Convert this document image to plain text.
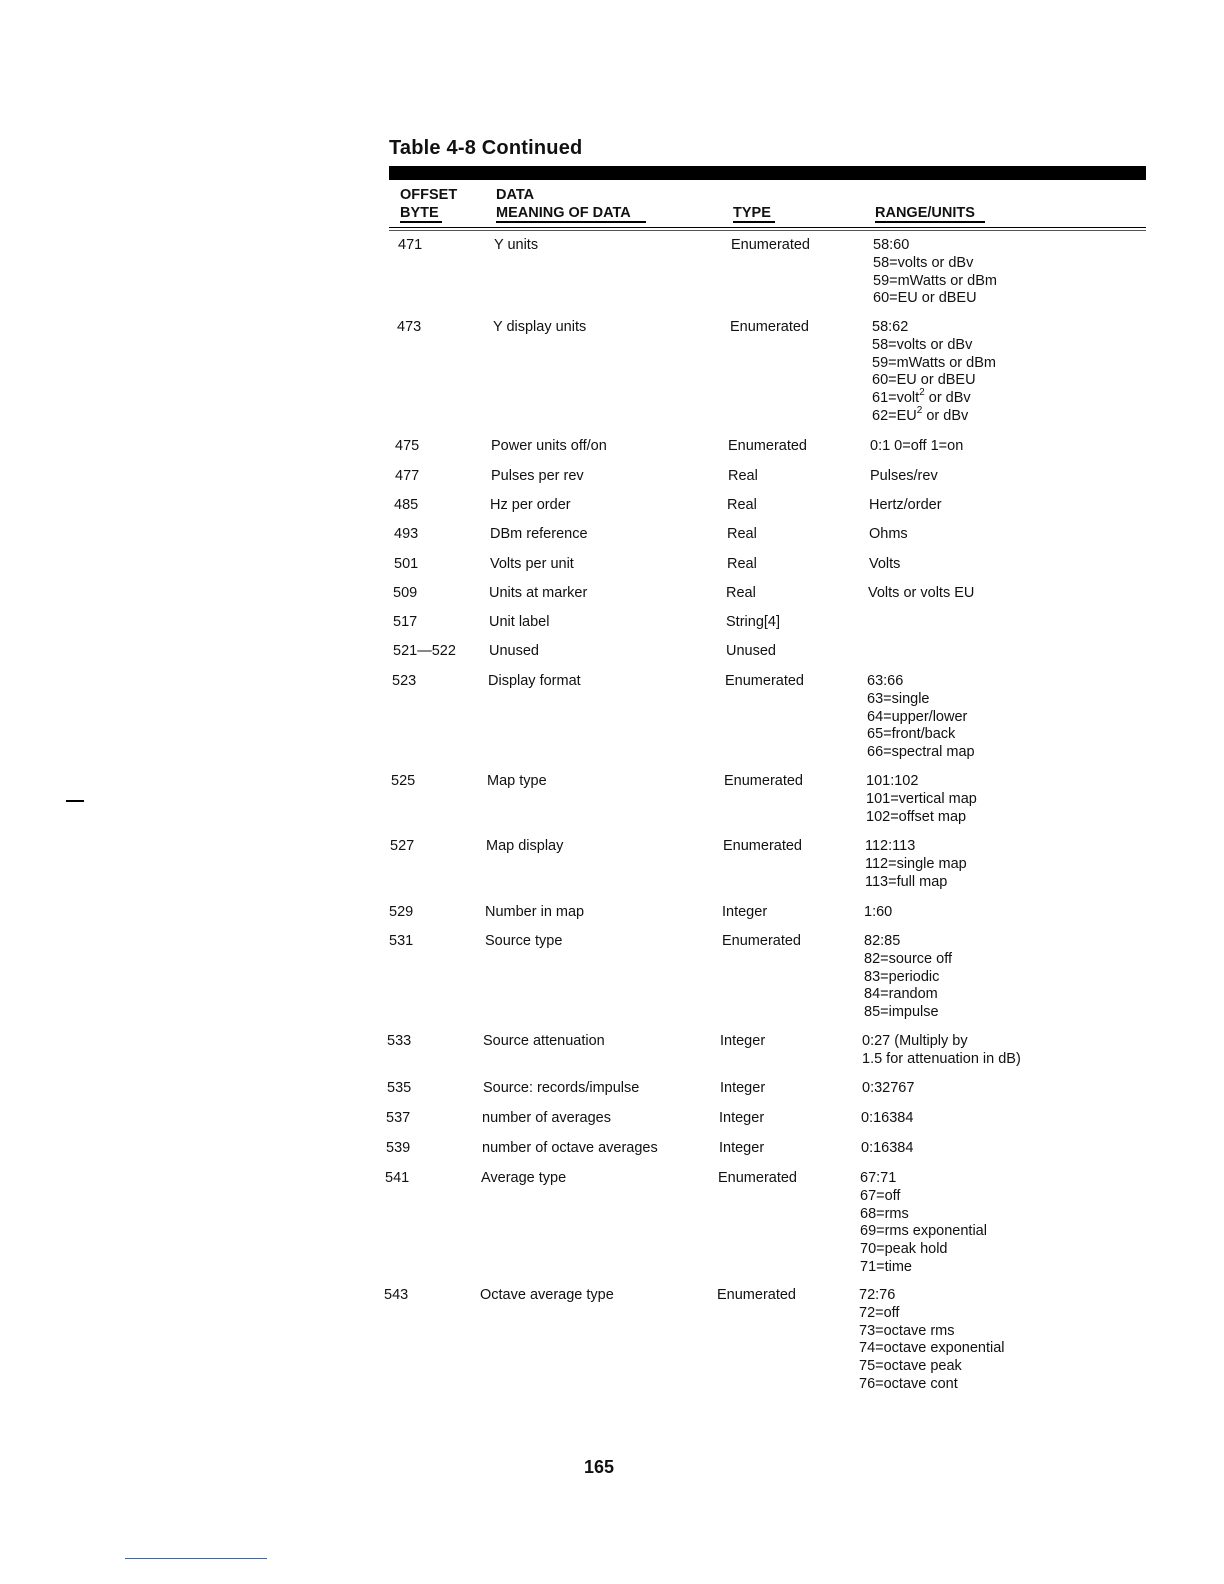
Table 4-8 Continued
OFFSET
BYTE
DATA
MEANING OF DATA	TYPE	RANGE/UNITS
471	Y units	Enumerated	58:60
58=volts or dBv
59=mWatts or dBm
60=EU or dBEU
473	Y display units	Enumerated	58:62
58=volts or dBv
59=mWatts or dBm
60=EU or dBEU
61=volt$^2$ or dBv
$62=EU^2$ or dBv
475	Power units off/on	Enumerated	0:1 0=off 1=on
477	Pulses per rev	Real	Pulses/rev
485	Hz per order	Real	Hertz/order
493	DBm reference	Real	Ohms
501	Volts per unit	Real	Volts
509	Units at marker	Real	Volts or volts EU
517	Unit label	String[4]
521—522 Unused	Unused
523	Display format	Enumerated	63:66
63=single
64=upper/lower
65=front/back
66=spectral map
525	Map type	Enumerated	101:102
101=vertical map
102=offset map
527	Map display	Enumerated	112:113
112=single map
113=full map
529	Number in map	Integer	1:60
531	Source type	Enumerated	82:85
82=source off
83=periodic
84=random
85=impulse
533	Source attenuation	Integer	0:27 (Multiply by
1.5 for attenuation in dB)
535	Source: records/impulse	Integer	0:32767
537	number of averages	Integer	0:16384
539	number of octave averages	Integer	0:16384
541	Average type	Enumerated	67:71
67=off
68=rms
69=rms exponential
70=peak hold
71=time
543	Octave average type	Enumerated	72:76
72=off
73=octave rms
74=octave exponential
75=octave peak
76=octave cont
165
